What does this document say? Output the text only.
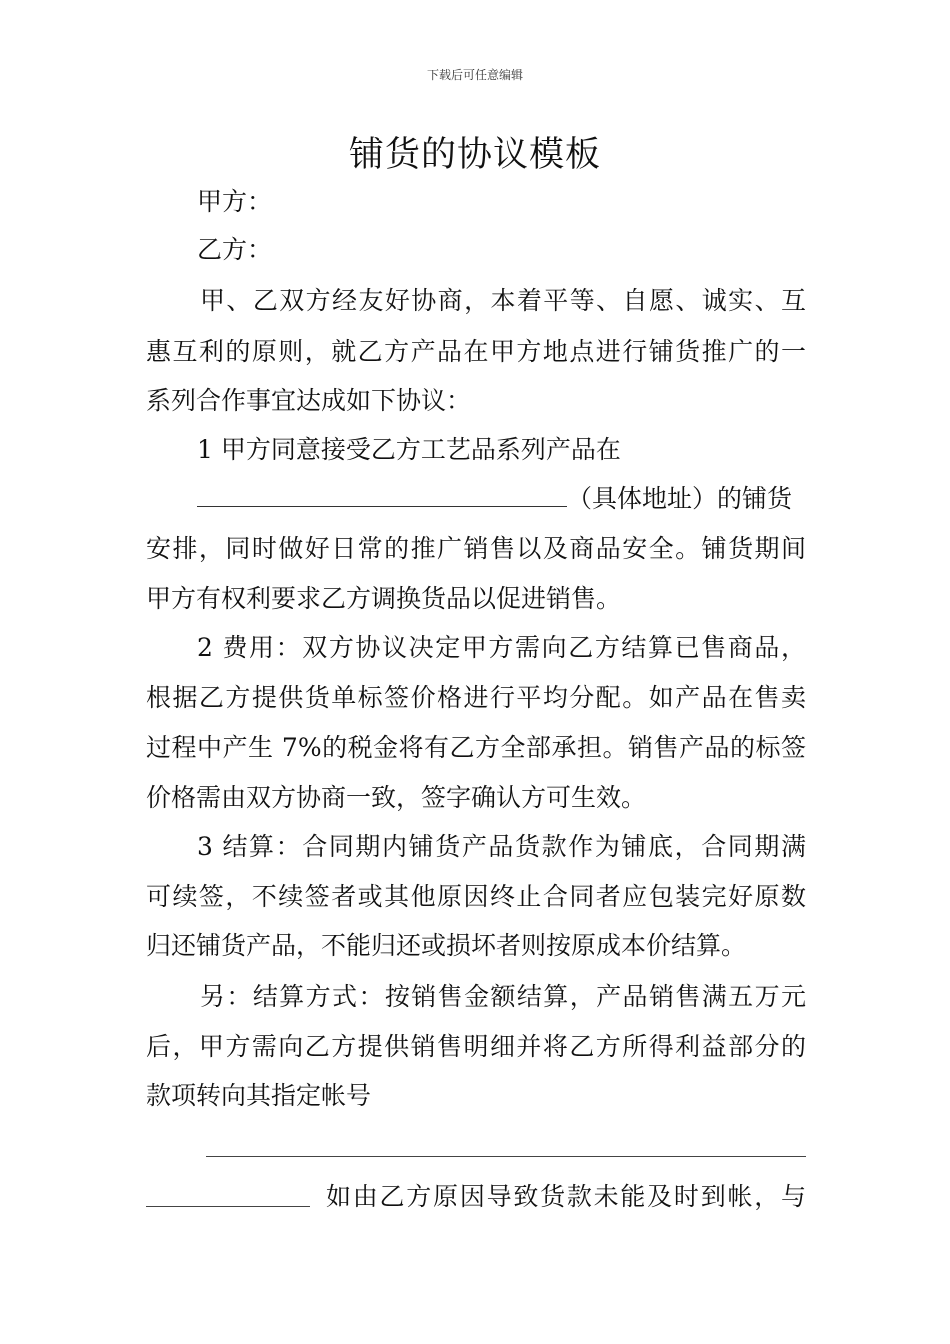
下载后可任意编辑
铺货的协议模板
甲方：
乙方：
甲、乙双方经友好协商，本着平等、自愿、诚实、互
惠互利的原则，就乙方产品在甲方地点进行铺货推广的一
系列合作事宜达成如下协议：
1 甲方同意接受乙方工艺品系列产品在
（具体地址）的铺货
安排，同时做好日常的推广销售以及商品安全。铺货期间
甲方有权利要求乙方调换货品以促进销售。
2 费用：双方协议决定甲方需向乙方结算已售商品，
根据乙方提供货单标签价格进行平均分配。如产品在售卖
过程中产生 7%的税金将有乙方全部承担。销售产品的标签
价格需由双方协商一致，签字确认方可生效。
3 结算：合同期内铺货产品货款作为铺底，合同期满
可续签，不续签者或其他原因终止合同者应包装完好原数
归还铺货产品，不能归还或损坏者则按原成本价结算。
另：结算方式：按销售金额结算，产品销售满五万元
后，甲方需向乙方提供销售明细并将乙方所得利益部分的
款项转向其指定帐号
如由乙方原因导致货款未能及时到帐，与
